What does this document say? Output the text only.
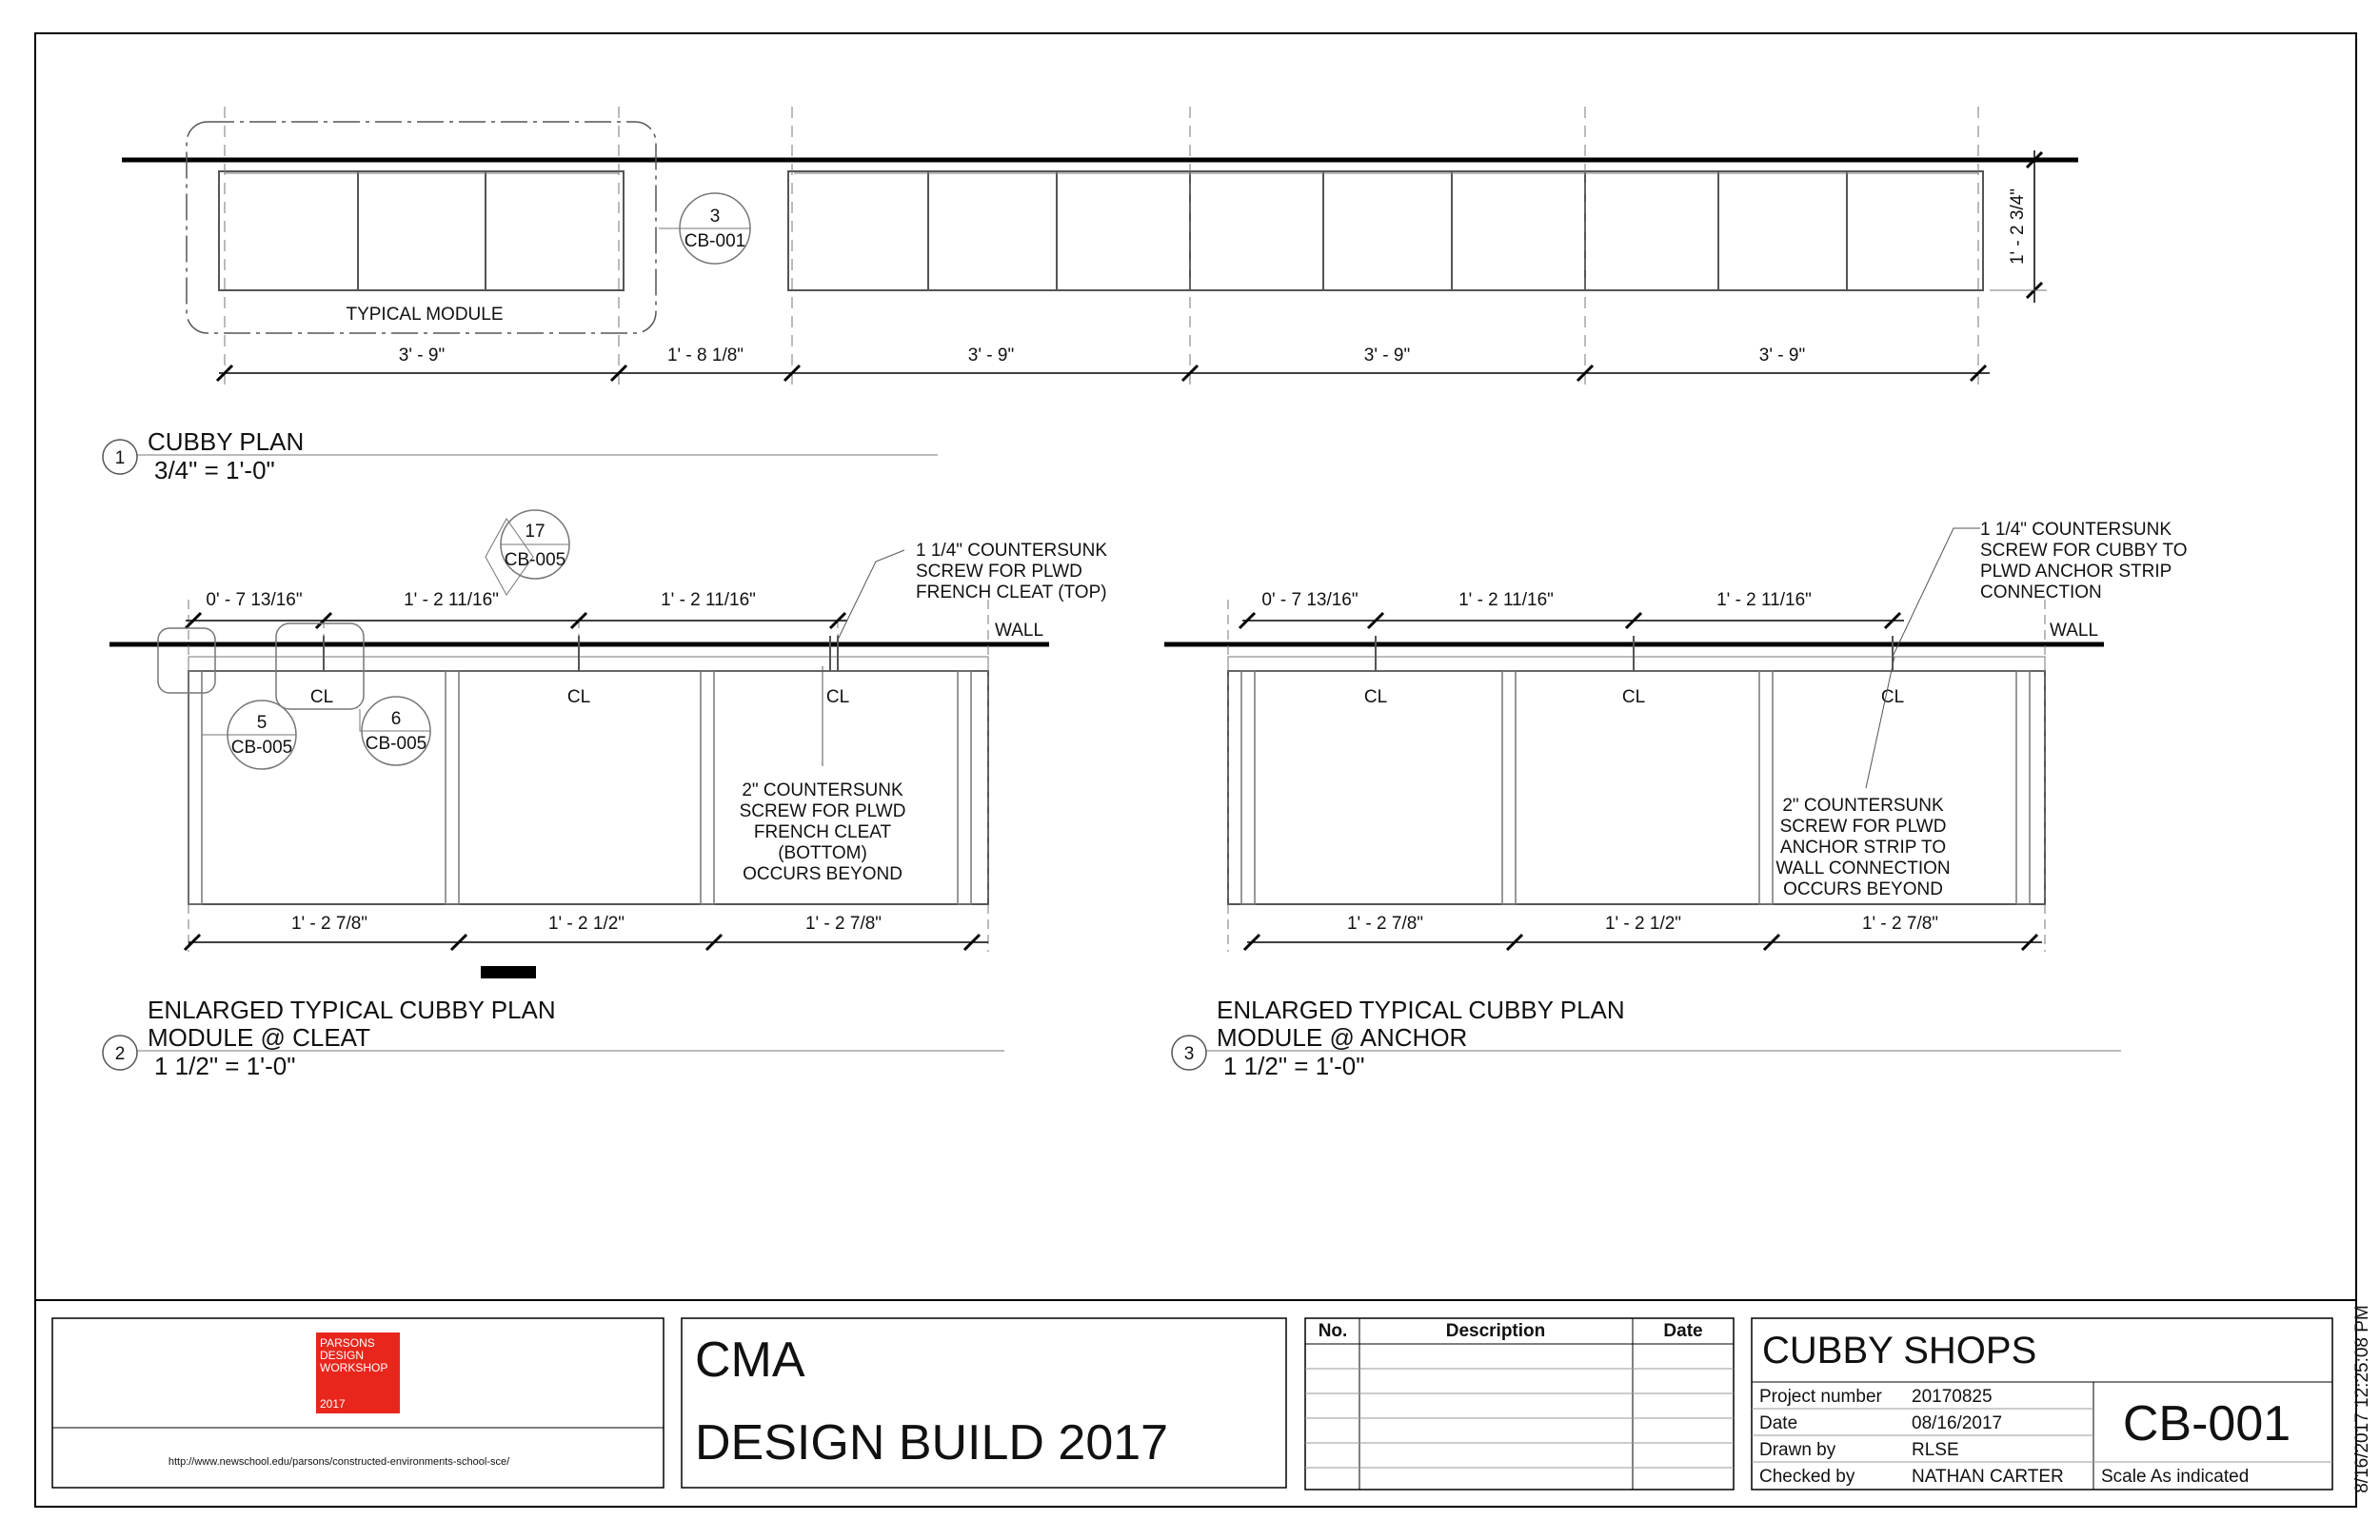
3' - 9"	1' - 8 1/8"	3' - 9"	3' - 9"	3' - 9"
1' - 2 3/4"
TYPICAL MODULE
3
CB-001
1
CUBBY PLAN
3/4" = 1'-0"
0' - 7 13/16"	1' - 2 11/16"	1' - 2 11/16"
1' - 2 7/8"	1' - 2 1/2"	1' - 2 7/8"
CL	CL	CL
WALL
17
CB-005
5
CB-005
6
CB-005
1 1/4" COUNTERSUNK
SCREW FOR PLWD
FRENCH CLEAT (TOP)
2" COUNTERSUNK
SCREW FOR PLWD
FRENCH CLEAT
(BOTTOM)
OCCURS BEYOND
2
ENLARGED TYPICAL CUBBY PLAN
MODULE @ CLEAT
1 1/2" = 1'-0"
0' - 7 13/16"	1' - 2 11/16"	1' - 2 11/16"
1' - 2 7/8"	1' - 2 1/2"	1' - 2 7/8"
CL	CL	CL
WALL
1 1/4" COUNTERSUNK
SCREW FOR CUBBY TO
PLWD ANCHOR STRIP
CONNECTION
2" COUNTERSUNK
SCREW FOR PLWD
ANCHOR STRIP TO
WALL CONNECTION
OCCURS BEYOND
3
ENLARGED TYPICAL CUBBY PLAN
MODULE @ ANCHOR
1 1/2" = 1'-0"
PARSONS
DESIGN
WORKSHOP
2017
http://www.newschool.edu/parsons/constructed-environments-school-sce/
CMA
DESIGN BUILD 2017
No.	Description	Date CUBBY SHOPS
Project number 20170825
Date	08/16/2017
Drawn by	RLSE
Checked by	NATHAN CARTER
CB-001
Scale As indicated	8/16/2017 12:25:08 PM
